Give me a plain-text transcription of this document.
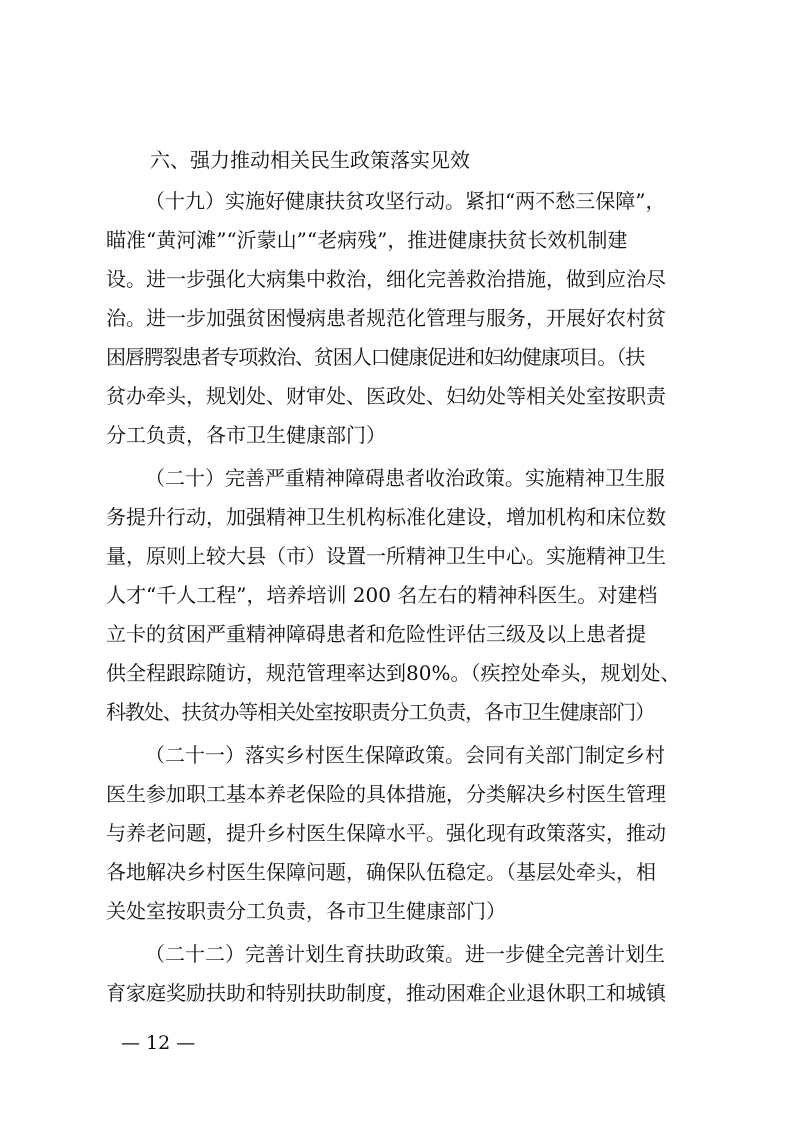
六、强力推动相关民生政策落实见效
（十九）实施好健康扶贫攻坚行动。紧扣“两不愁三保障”，
瞄准“黄河滩”“沂蒙山”“老病残”，推进健康扶贫长效机制建
设。进一步强化大病集中救治，细化完善救治措施，做到应治尽
治。进一步加强贫困慢病患者规范化管理与服务，开展好农村贫
困唇腭裂患者专项救治、贫困人口健康促进和妇幼健康项目。（扶
贫办牵头，规划处、财审处、医政处、妇幼处等相关处室按职责
分工负责，各市卫生健康部门）
（二十）完善严重精神障碍患者收治政策。实施精神卫生服
务提升行动，加强精神卫生机构标准化建设，增加机构和床位数
量，原则上较大县（市）设置一所精神卫生中心。实施精神卫生
人才“千人工程”，培养培训 200 名左右的精神科医生。对建档
立卡的贫困严重精神障碍患者和危险性评估三级及以上患者提
供全程跟踪随访，规范管理率达到80%。（疾控处牵头，规划处、
科教处、扶贫办等相关处室按职责分工负责，各市卫生健康部门）
（二十一）落实乡村医生保障政策。会同有关部门制定乡村
医生参加职工基本养老保险的具体措施，分类解决乡村医生管理
与养老问题，提升乡村医生保障水平。强化现有政策落实，推动
各地解决乡村医生保障问题，确保队伍稳定。（基层处牵头，相
关处室按职责分工负责，各市卫生健康部门）
（二十二）完善计划生育扶助政策。进一步健全完善计划生
育家庭奖励扶助和特别扶助制度，推动困难企业退休职工和城镇
— 12 —
